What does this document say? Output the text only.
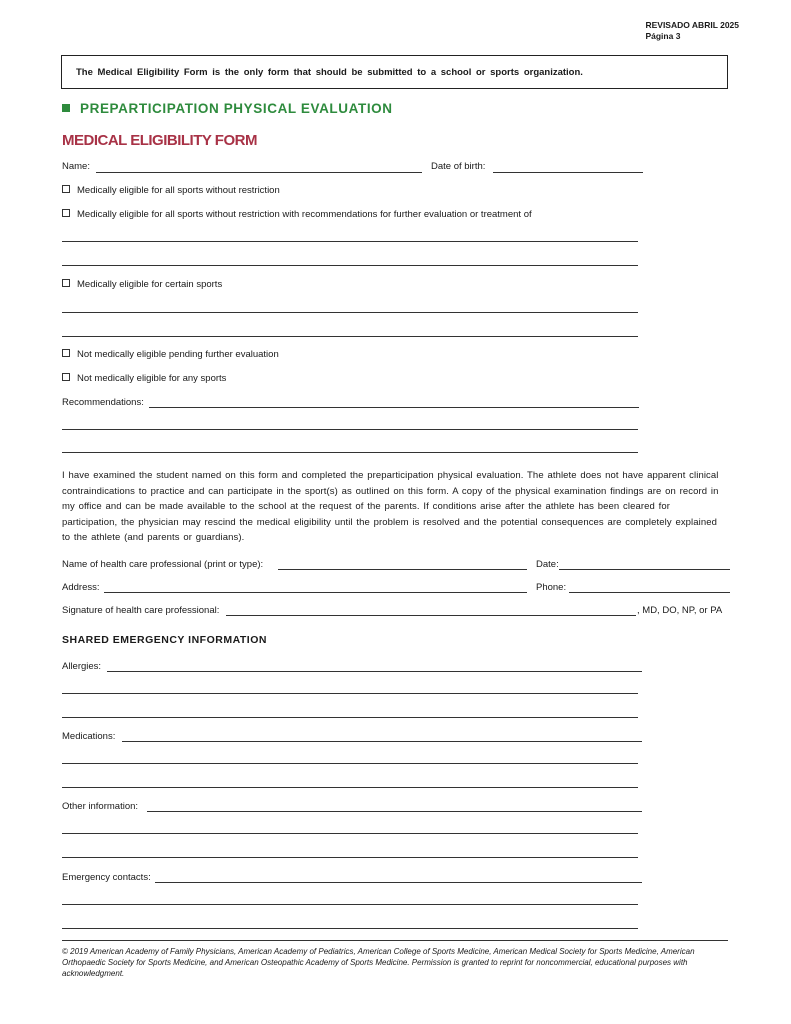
REVISADO ABRIL 2025
Página 3
The Medical Eligibility Form is the only form that should be submitted to a school or sports organization.
PREPARTICIPATION PHYSICAL EVALUATION
MEDICAL ELIGIBILITY FORM
Name:	Date of birth:
Medically eligible for all sports without restriction
Medically eligible for all sports without restriction with recommendations for further evaluation or treatment of
Medically eligible for certain sports
Not medically eligible pending further evaluation
Not medically eligible for any sports
Recommendations:
I have examined the student named on this form and completed the preparticipation physical evaluation. The athlete does not have apparent clinical contraindications to practice and can participate in the sport(s) as outlined on this form. A copy of the physical examination findings are on record in my office and can be made available to the school at the request of the parents. If conditions arise after the athlete has been cleared for participation, the physician may rescind the medical eligibility until the problem is resolved and the potential consequences are completely explained to the athlete (and parents or guardians).
Name of health care professional (print or type):	Date:
Address:	Phone:
Signature of health care professional:	, MD, DO, NP, or PA
SHARED EMERGENCY INFORMATION
Allergies:
Medications:
Other information:
Emergency contacts:
© 2019 American Academy of Family Physicians, American Academy of Pediatrics, American College of Sports Medicine, American Medical Society for Sports Medicine, American Orthopaedic Society for Sports Medicine, and American Osteopathic Academy of Sports Medicine. Permission is granted to reprint for noncommercial, educational purposes with acknowledgment.
